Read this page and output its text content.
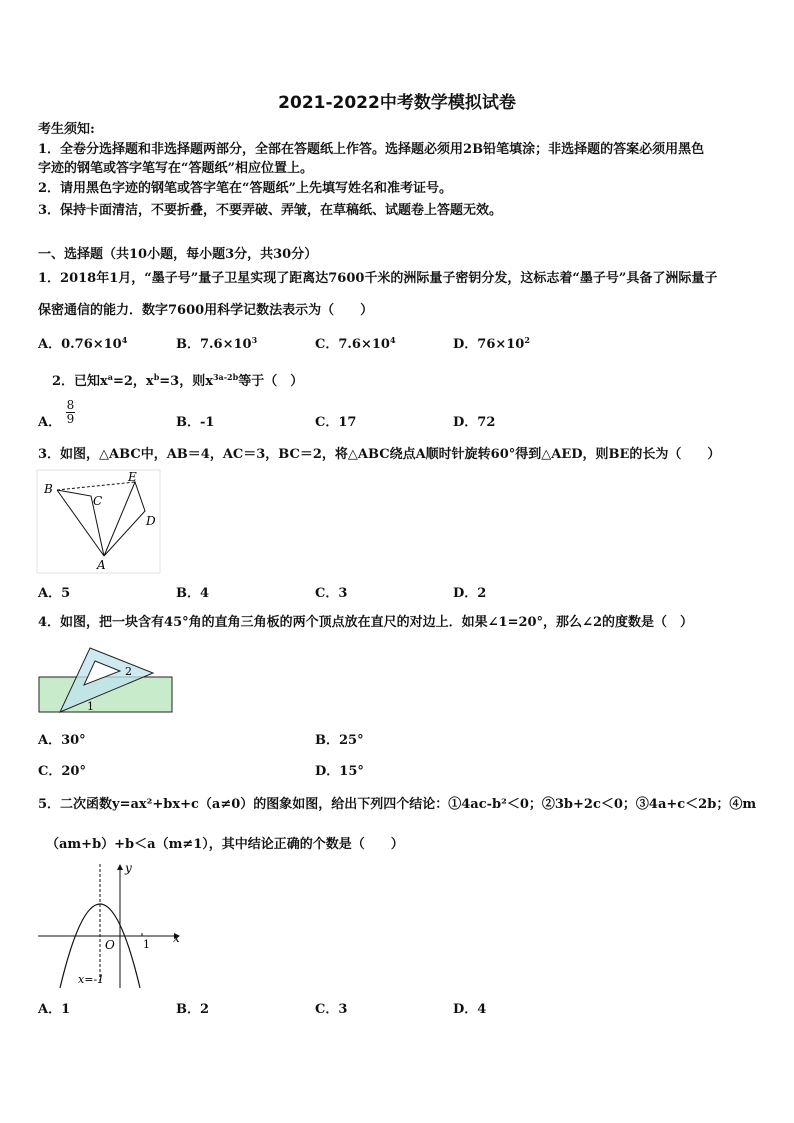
2021-2022中考数学模拟试卷
考生须知:
1．全卷分选择题和非选择题两部分，全部在答题纸上作答。选择题必须用2B铅笔填涂；非选择题的答案必须用黑色
字迹的钢笔或答字笔写在“答题纸”相应位置上。
2．请用黑色字迹的钢笔或答字笔在“答题纸”上先填写姓名和准考证号。
3．保持卡面清洁，不要折叠，不要弄破、弄皱，在草稿纸、试题卷上答题无效。
一、选择题（共10小题，每小题3分，共30分）
1．2018年1月，“墨子号”量子卫星实现了距离达7600千米的洲际量子密钥分发，这标志着“墨子号”具备了洲际量子
保密通信的能力．数字7600用科学记数法表示为（　　）
A．$0.76\times 10^4$	B．$7.6\times 10^3$	C．$7.6\times 10^4$	D．$76\times 10^2$
2．已知$x^a=2$，$x^b=3$，则$x^{3a-2b}$等于（　）
A． $\frac{8}{9}$	B．-1	C．17	D．72
3．如图，△ABC中，AB＝4，AC＝3，BC＝2，将△ABC绕点A顺时针旋转60°得到△AED，则BE的长为（　　）
B
C
E
D
A
A．5	B．4	C．3	D．2
4．如图，把一块含有45°角的直角三角板的两个顶点放在直尺的对边上．如果∠1=20°，那么∠2的度数是（　）
2
1
A．30°	B．25°
C．20°	D．15°
5．二次函数y=ax²+bx+c（a≠0）的图象如图，给出下列四个结论：①4ac-b²＜0；②3b+2c＜0；③4a+c＜2b；④m
（am+b）+b＜a（m≠1），其中结论正确的个数是（　　）
y
x
O	1
x=-1
A．1	B．2	C．3	D．4
